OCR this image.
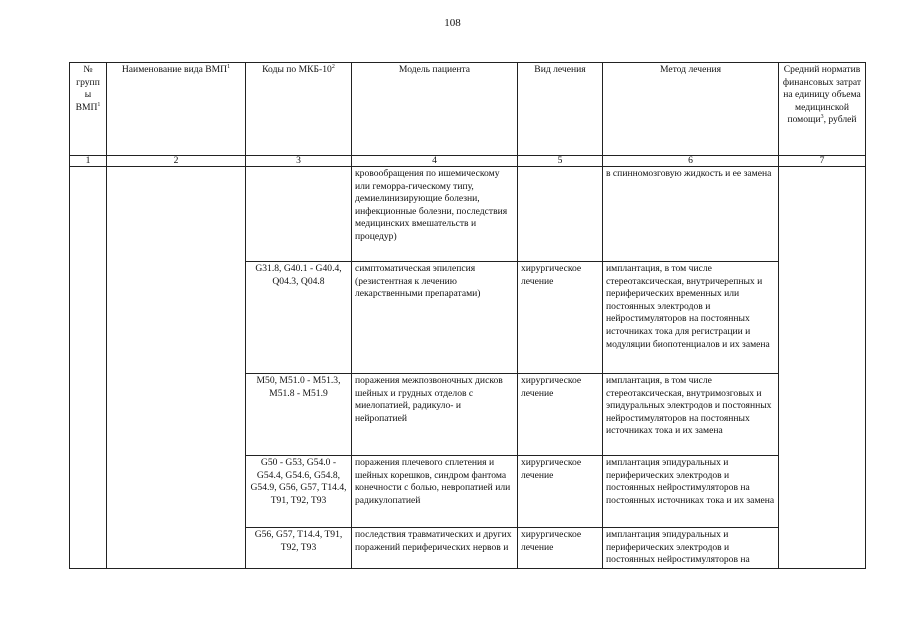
108
№ групп ы ВМП$^1$	Наименование вида ВМП$^1$	Коды по МКБ-$10^2$	Модель пациента	Вид лечения	Метод лечения	Средний норматив финансовых затрат на единицу объема медицинской помощи$^3$, рублей
1	2	3	4	5	6	7
			кровообращения по ишемическому или геморра-гическому типу, демиелинизирующие болезни, инфекционные болезни, последствия медицинских вмешательств и процедур)		в спинномозговую жидкость и ее замена	
		G31.8, G40.1 - G40.4, Q04.3, Q04.8	симптоматическая эпилепсия (резистентная к лечению лекарственными препаратами)	хирургическое лечение	имплантация, в том числе стереотаксическая, внутричерепных и периферических временных или постоянных электродов и нейростимуляторов на постоянных источниках тока для регистрации и модуляции биопотенциалов и их замена	
		M50, M51.0 - M51.3, M51.8 - M51.9	поражения межпозвоночных дисков шейных и грудных отделов с миелопатией, радикуло- и нейропатией	хирургическое лечение	имплантация, в том числе стереотаксическая, внутримозговых и эпидуральных электродов и постоянных нейростимуляторов на постоянных источниках тока и их замена	
		G50 - G53, G54.0 - G54.4, G54.6, G54.8, G54.9, G56, G57, T14.4, T91, T92, T93	поражения плечевого сплетения и шейных корешков, синдром фантома конечности с болью, невропатией или радикулопатией	хирургическое лечение	имплантация эпидуральных и периферических электродов и постоянных нейростимуляторов на постоянных источниках тока и их замена	
		G56, G57, T14.4, T91, T92, T93	последствия травматических и других поражений периферических нервов и	хирургическое лечение	имплантация эпидуральных и периферических электродов и постоянных нейростимуляторов на	
